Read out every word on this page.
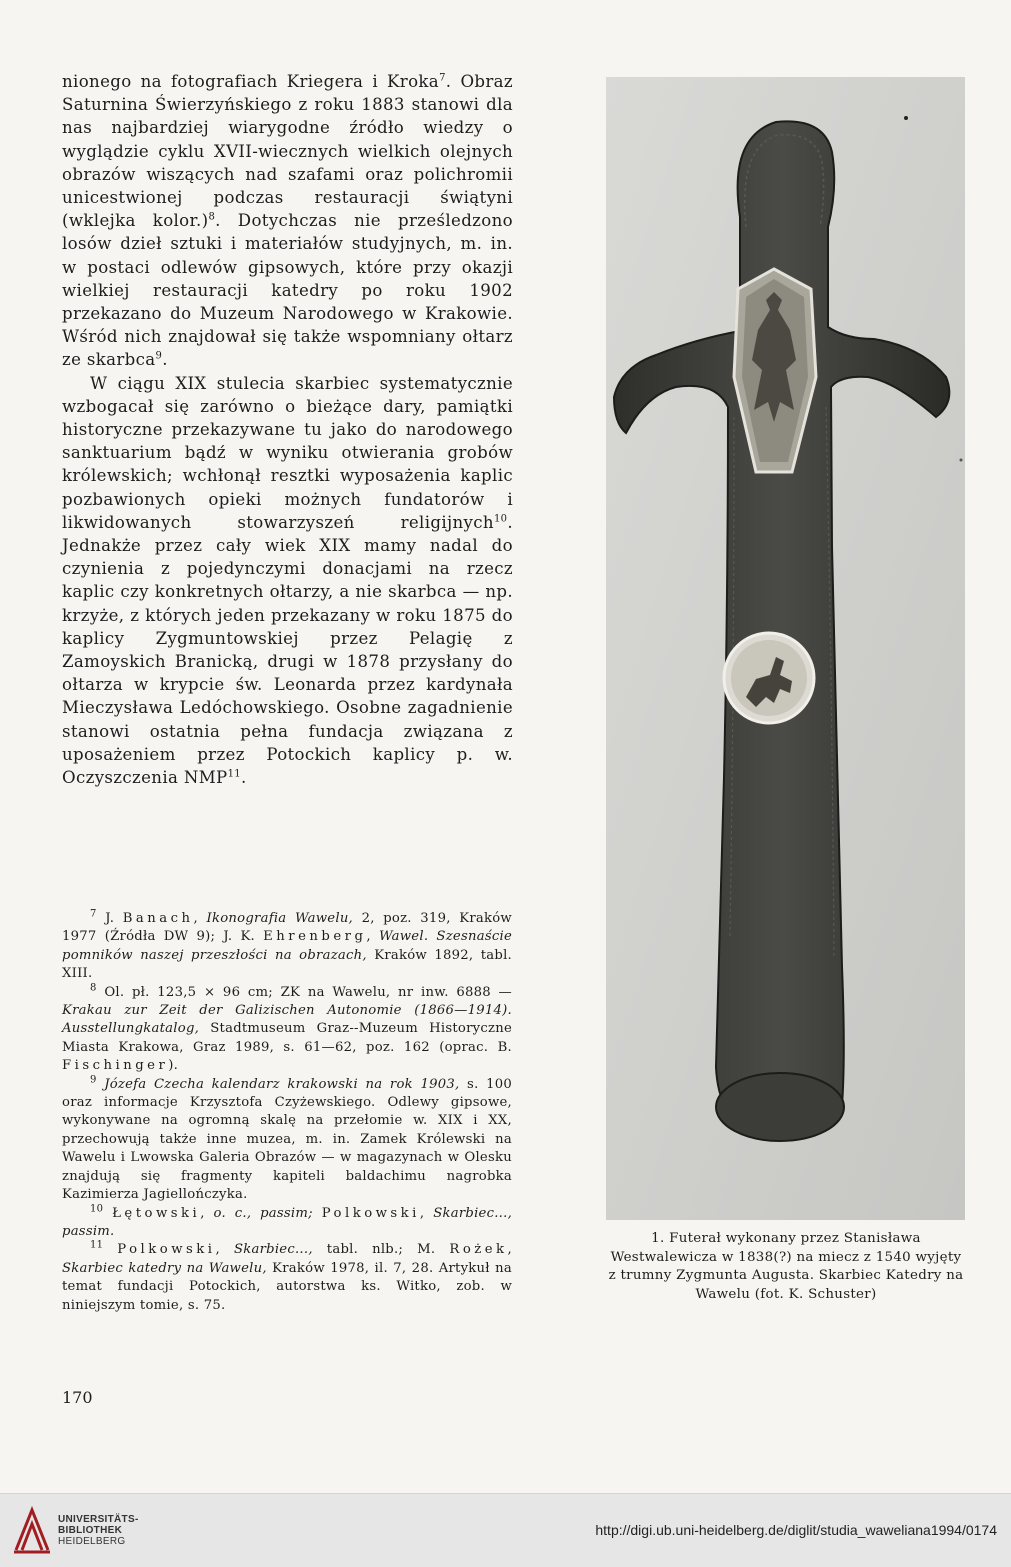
nionego na fotografiach Kriegera i Kroka$^7$. Obraz Saturnina Świerzyńskiego z roku 1883 stanowi dla nas najbardziej wiarygodne źródło wiedzy o wyglądzie cyklu XVII-wiecznych wielkich olejnych obrazów wiszących nad szafami oraz polichromii unicestwionej podczas restauracji świątyni (wklejka kolor.)$^8$. Dotychczas nie prześledzono losów dzieł sztuki i materiałów studyjnych, m. in. w postaci odlewów gipsowych, które przy okazji wielkiej restauracji katedry po roku 1902 przekazano do Muzeum Narodowego w Krakowie. Wśród nich znajdował się także wspomniany ołtarz ze skarbca$^9$.

W ciągu XIX stulecia skarbiec systematycznie wzbogacał się zarówno o bieżące dary, pamiątki historyczne przekazywane tu jako do narodowego sanktuarium bądź w wyniku otwierania grobów królewskich; wchłonął resztki wyposażenia kaplic pozbawionych opieki możnych fundatorów i likwidowanych stowarzyszeń religijnych$^{10}$. Jednakże przez cały wiek XIX mamy nadal do czynienia z pojedynczymi donacjami na rzecz kaplic czy konkretnych ołtarzy, a nie skarbca — np. krzyże, z których jeden przekazany w roku 1875 do kaplicy Zygmuntowskiej przez Pelagię z Zamoyskich Branicką, drugi w 1878 przysłany do ołtarza w krypcie św. Leonarda przez kardynała Mieczysława Ledóchowskiego. Osobne zagadnienie stanowi ostatnia pełna fundacja związana z uposażeniem przez Potockich kaplicy p. w. Oczyszczenia NMP$^{11}$.

$^7$ J. Banach, Ikonografia Wawelu, 2, poz. 319, Kraków 1977 (Źródła DW 9); J. K. Ehrenberg, Wawel. Szesnaście pomników naszej przeszłości na obrazach, Kraków 1892, tabl. XIII.

$^8$ Ol. pł. 123,5 × 96 cm; ZK na Wawelu, nr inw. 6888 — Krakau zur Zeit der Galizischen Autonomie (1866—1914). Ausstellungkatalog, Stadtmuseum Graz--Muzeum Historyczne Miasta Krakowa, Graz 1989, s. 61—62, poz. 162 (oprac. B. Fischinger).

$^9$ Józefa Czecha kalendarz krakowski na rok 1903, s. 100 oraz informacje Krzysztofa Czyżewskiego. Odlewy gipsowe, wykonywane na ogromną skalę na przełomie w. XIX i XX, przechowują także inne muzea, m. in. Zamek Królewski na Wawelu i Lwowska Galeria Obrazów — w magazynach w Olesku znajdują się fragmenty kapiteli baldachimu nagrobka Kazimierza Jagiellończyka.

$^{10}$ Łętowski, o. c., passim; Polkowski, Skarbiec..., passim.

$^{11}$ Polkowski, Skarbiec..., tabl. nlb.; M. Rożek, Skarbiec katedry na Wawelu, Kraków 1978, il. 7, 28. Artykuł na temat fundacji Potockich, autorstwa ks. Witko, zob. w niniejszym tomie, s. 75.

170
1. Futerał wykonany przez Stanisława Westwalewicza w 1838(?) na miecz z 1540 wyjęty z trumny Zygmunta Augusta. Skarbiec Katedry na Wawelu (fot. K. Schuster)
UNIVERSITÄTS-
BIBLIOTHEK
HEIDELBERG
http://digi.ub.uni-heidelberg.de/diglit/studia_waweliana1994/0174
